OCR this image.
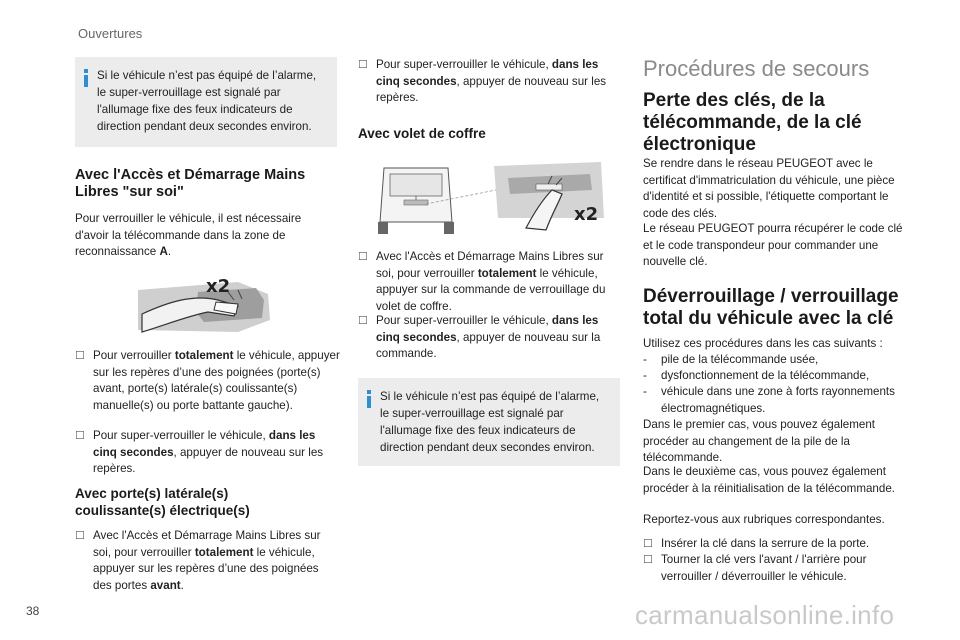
Ouvertures
Si le véhicule n’est pas équipé de l’alarme, le super-verrouillage est signalé par l'allumage fixe des feux indicateurs de direction pendant deux secondes environ.
Avec l'Accès et Démarrage Mains Libres "sur soi"
Pour verrouiller le véhicule, il est nécessaire d'avoir la télécommande dans la zone de reconnaissance A.
x2
☐ Pour verrouiller totalement le véhicule, appuyer sur les repères d’une des poignées (porte(s) avant, porte(s) latérale(s) coulissante(s) manuelle(s) ou porte battante gauche).
☐ Pour super-verrouiller le véhicule, dans les cinq secondes, appuyer de nouveau sur les repères.
Avec porte(s) latérale(s) coulissante(s) électrique(s)
☐ Avec l'Accès et Démarrage Mains Libres sur soi, pour verrouiller totalement le véhicule, appuyer sur les repères d’une des poignées des portes avant.
☐ Pour super-verrouiller le véhicule, dans les cinq secondes, appuyer de nouveau sur les repères.
Avec volet de coffre
x2
☐ Avec l'Accès et Démarrage Mains Libres sur soi, pour verrouiller totalement le véhicule, appuyer sur la commande de verrouillage du volet de coffre.
☐ Pour super-verrouiller le véhicule, dans les cinq secondes, appuyer de nouveau sur la commande.
Si le véhicule n’est pas équipé de l’alarme, le super-verrouillage est signalé par l'allumage fixe des feux indicateurs de direction pendant deux secondes environ.
Procédures de secours
Perte des clés, de la télécommande, de la clé électronique
Se rendre dans le réseau PEUGEOT avec le certificat d'immatriculation du véhicule, une pièce d'identité et si possible, l'étiquette comportant le code des clés.
Le réseau PEUGEOT pourra récupérer le code clé et le code transpondeur pour commander une nouvelle clé.
Déverrouillage / verrouillage total du véhicule avec la clé
Utilisez ces procédures dans les cas suivants :
- pile de la télécommande usée,
- dysfonctionnement de la télécommande,
- véhicule dans une zone à forts rayonnements électromagnétiques.
Dans le premier cas, vous pouvez également procéder au changement de la pile de la télécommande.
Dans le deuxième cas, vous pouvez également procéder à la réinitialisation de la télécommande.
Reportez-vous aux rubriques correspondantes.
☐ Insérer la clé dans la serrure de la porte.
☐ Tourner la clé vers l'avant / l'arrière pour verrouiller / déverrouiller le véhicule.
38	carmanualsonline.info
